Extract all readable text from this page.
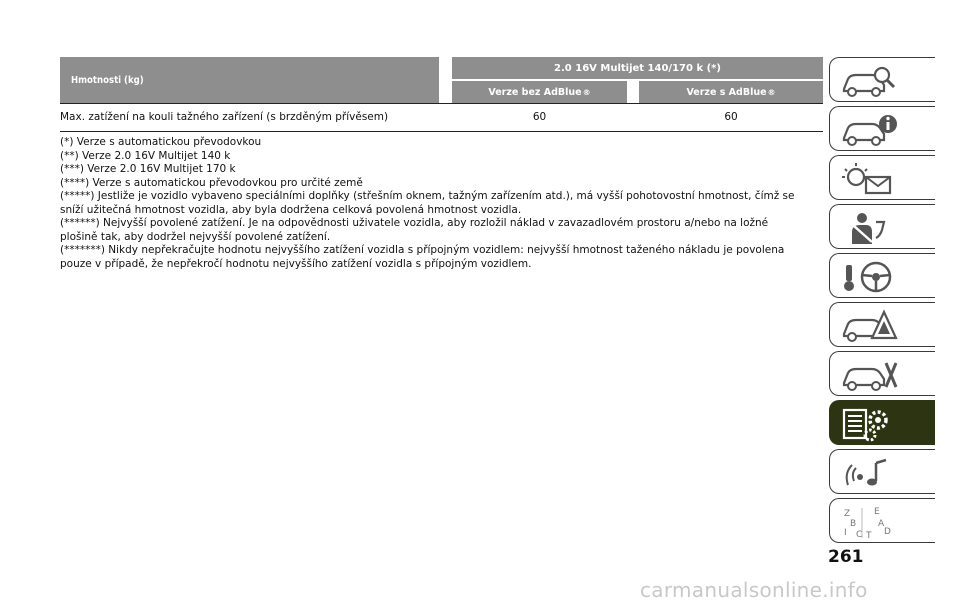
Hmotnosti (kg)
2.0 16V Multijet 140/170 k (*)
Verze bez AdBlue ®	Verze s AdBlue ®
Max. zatížení na kouli tažného zařízení (s brzděným přívěsem)	60	60

(*) Verze s automatickou převodovkou

(**) Verze 2.0 16V Multijet 140 k

(***) Verze 2.0 16V Multijet 170 k

(****) Verze s automatickou převodovkou pro určité země

(*****) Jestliže je vozidlo vybaveno speciálními doplňky (střešním oknem, tažným zařízením atd.), má vyšší pohotovostní hmotnost, čímž se sníží užitečná hmotnost vozidla, aby byla dodržena celková povolená hmotnost vozidla.

(******) Nejvyšší povolené zatížení. Je na odpovědnosti uživatele vozidla, aby rozložil náklad v zavazadlovém prostoru a/nebo na ložné plošině tak, aby dodržel nejvyšší povolené zatížení.

(*******) Nikdy nepřekračujte hodnotu nejvyššího zatížení vozidla s přípojným vozidlem: nejvyšší hmotnost taženého nákladu je povolena pouze v případě, že nepřekročí hodnotu nejvyššího zatížení vozidla s přípojným vozidlem.

Z	E
B A
I C T D
261
carmanualsonline.info
